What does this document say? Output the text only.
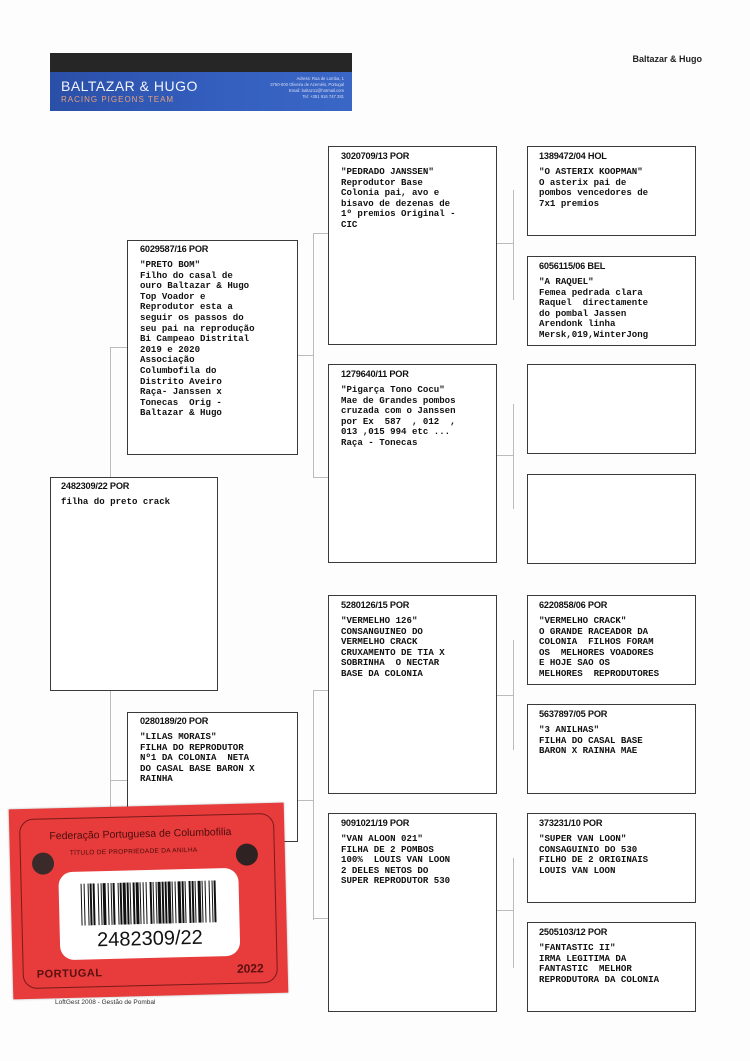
BALTAZAR & HUGO
RACING PIGEONS TEAM
Adress: Rua de Lomba, 1
3750-000 Oliveira de Azeméis, Portugal
Email: baltaz11@hotmail.com
Tel: +351 916 747 281
Baltazar & Hugo
2482309/22 POR
filha do preto crack
6029587/16 POR
"PRETO BOM"
Filho do casal de
ouro Baltazar & Hugo
Top Voador e
Reprodutor esta a
seguir os passos do
seu pai na reprodução
Bi Campeao Distrital
2019 e 2020
Associação
Columbofila do
Distrito Aveiro
Raça- Janssen x
Tonecas  Orig -
Baltazar & Hugo
0280189/20 POR
"LILAS MORAIS"
FILHA DO REPRODUTOR
Nº1 DA COLONIA  NETA
DO CASAL BASE BARON X
RAINHA
3020709/13 POR
"PEDRADO JANSSEN"
Reprodutor Base
Colonia pai, avo e
bisavo de dezenas de
1º premios Original -
CIC
1279640/11 POR
"Pigarça Tono Cocu"
Mae de Grandes pombos
cruzada com o Janssen
por Ex  587  , 012  ,
013 ,015 994 etc ...
Raça - Tonecas
5280126/15 POR
"VERMELHO 126"
CONSANGUINEO DO
VERMELHO CRACK
CRUXAMENTO DE TIA X
SOBRINHA  O NECTAR
BASE DA COLONIA
9091021/19 POR
"VAN ALOON 021"
FILHA DE 2 POMBOS
100%  LOUIS VAN LOON
2 DELES NETOS DO
SUPER REPRODUTOR 530
1389472/04 HOL
"O ASTERIX KOOPMAN"
O asterix pai de
pombos vencedores de
7x1 premios
6056115/06 BEL
"A RAQUEL"
Femea pedrada clara
Raquel  directamente
do pombal Jassen
Arendonk linha
Mersk,019,WinterJong
6220858/06 POR
"VERMELHO CRACK"
O GRANDE RACEADOR DA
COLONIA  FILHOS FORAM
OS  MELHORES VOADORES
E HOJE SAO OS
MELHORES  REPRODUTORES
5637897/05 POR
"3 ANILHAS"
FILHA DO CASAL BASE
BARON X RAINHA MAE
373231/10 POR
"SUPER VAN LOON"
CONSAGUINIO DO 530
FILHO DE 2 ORIGINAIS
LOUIS VAN LOON
2505103/12 POR
"FANTASTIC II"
IRMA LEGITIMA DA
FANTASTIC  MELHOR
REPRODUTORA DA COLONIA
Federação Portuguesa de Columbofilia
TÍTULO DE PROPRIEDADE DA ANILHA
2482309/22
PORTUGAL	2022
LoftGest 2008 - Gestão de Pombal
